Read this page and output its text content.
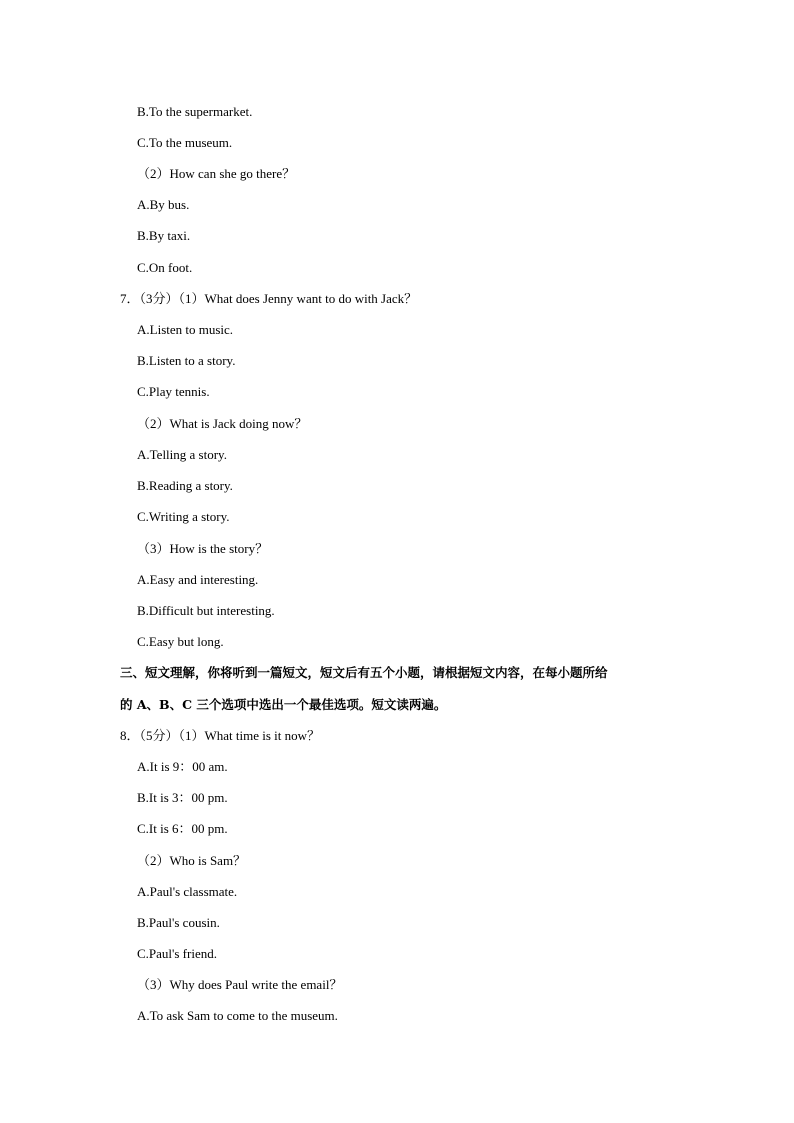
B.To the supermarket.
C.To the museum.
（2）How can she go there？
A.By bus.
B.By taxi.
C.On foot.
7．（3分）（1）What does Jenny want to do with Jack？
A.Listen to music.
B.Listen to a story.
C.Play tennis.
（2）What is Jack doing now？
A.Telling a story.
B.Reading a story.
C.Writing a story.
（3）How is the story？
A.Easy and interesting.
B.Difficult but interesting.
C.Easy but long.
三、短文理解，你将听到一篇短文，短文后有五个小题，请根据短文内容，在每小题所给
的 A、B、C 三个选项中选出一个最佳选项。短文读两遍。
8．（5分）（1）What time is it now？
A.It is 9：00 am.
B.It is 3：00 pm.
C.It is 6：00 pm.
（2）Who is Sam？
A.Paul's classmate.
B.Paul's cousin.
C.Paul's friend.
（3）Why does Paul write the email？
A.To ask Sam to come to the museum.
